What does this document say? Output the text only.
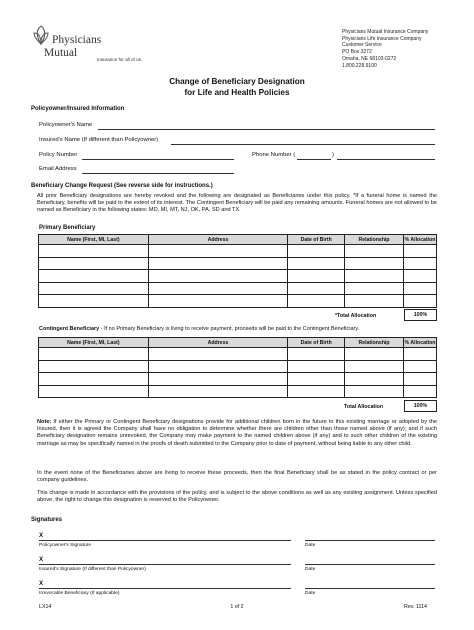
Physicians
Mutual
Insurance for all of us.
Physicians Mutual Insurance Company
Physicians Life Insurance Company
Customer Service
PO Box 3272
Omaha, NE 68103-0272
1.800.228.9100
Change of Beneficiary Designation
for Life and Health Policies
Policyowner/Insured Information
Policyowner's Name
Insured's Name (If different than Policyowner)
Policy Number	Phone Number (	)
Email Address
Beneficiary Change Request (See reverse side for instructions.)
All prior Beneficiary designations are hereby revoked and the following are designated as Beneficiaries under this policy. *If a funeral home is named the Beneficiary, benefits will be paid to the extent of its interest. The Contingent Beneficiary will be paid any remaining amounts. Funeral homes are not allowed to be named as Beneficiary in the following states: MD, MI, MT, NJ, OK, PA, SD and TX.
Primary Beneficiary
Name (First, MI, Last)	Address	Date of Birth	Relationship	% Allocation

*Total Allocation	100%
Contingent Beneficiary - If no Primary Beneficiary is living to receive payment, proceeds will be paid to the Contingent Beneficiary.
Name (First, MI, Last)	Address	Date of Birth	Relationship	% Allocation

Total Allocation	100%
Note: If either the Primary or Contingent Beneficiary designations provide for additional children born in the future to this existing marriage or adopted by the Insured, then it is agreed the Company shall have no obligation to determine whether there are children other than those named above (if any); and if such Beneficiary designation remains unrevoked, the Company may make payment to the named children above (if any) and to such other children of the existing marriage as may be specifically named in the proofs of death submitted to the Company prior to date of payment, without being liable to any other child.
In the event none of the Beneficiaries above are living to receive these proceeds, then the final Beneficiary shall be as stated in the policy contract or per company guidelines.
This change is made in accordance with the provisions of the policy, and is subject to the above conditions as well as any existing assignment. Unless specified above, the right to change this designation is reserved to the Policyowner.
Signatures
X
Policyowner's Signature	Date
X
Insured's Signature (If different than Policyowner)	Date
X
Irrevocable Beneficiary (If applicable)	Date
LX14	1 of 2	Rev. 1114
